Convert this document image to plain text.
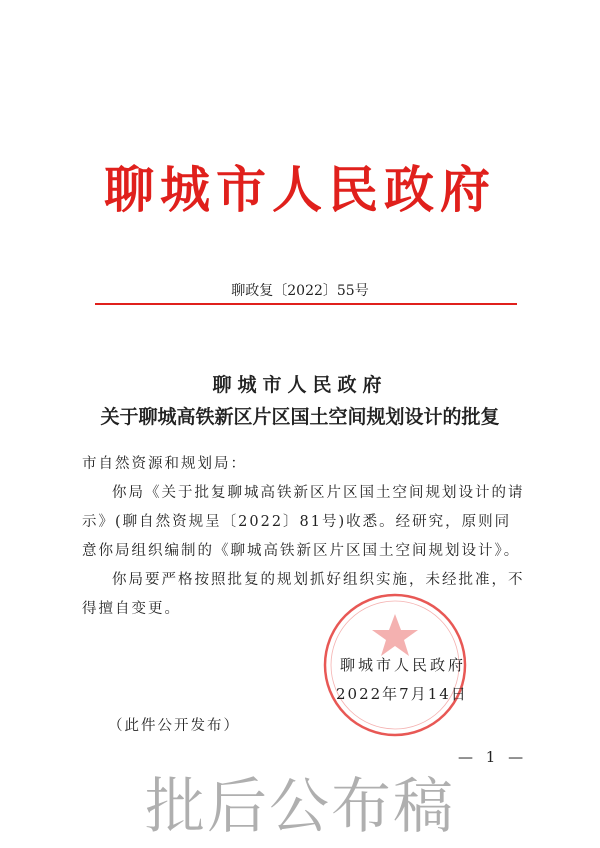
聊城市人民政府
聊政复〔2022〕55号
聊城市人民政府
关于聊城高铁新区片区国土空间规划设计的批复
市自然资源和规划局：
你局《关于批复聊城高铁新区片区国土空间规划设计的请示》(聊自然资规呈〔2022〕81号)收悉。经研究，原则同意你局组织编制的《聊城高铁新区片区国土空间规划设计》。
你局要严格按照批复的规划抓好组织实施，未经批准，不得擅自变更。
聊城市人民政府
2022年7月14日
（此件公开发布）
— 1 —
批后公布稿
